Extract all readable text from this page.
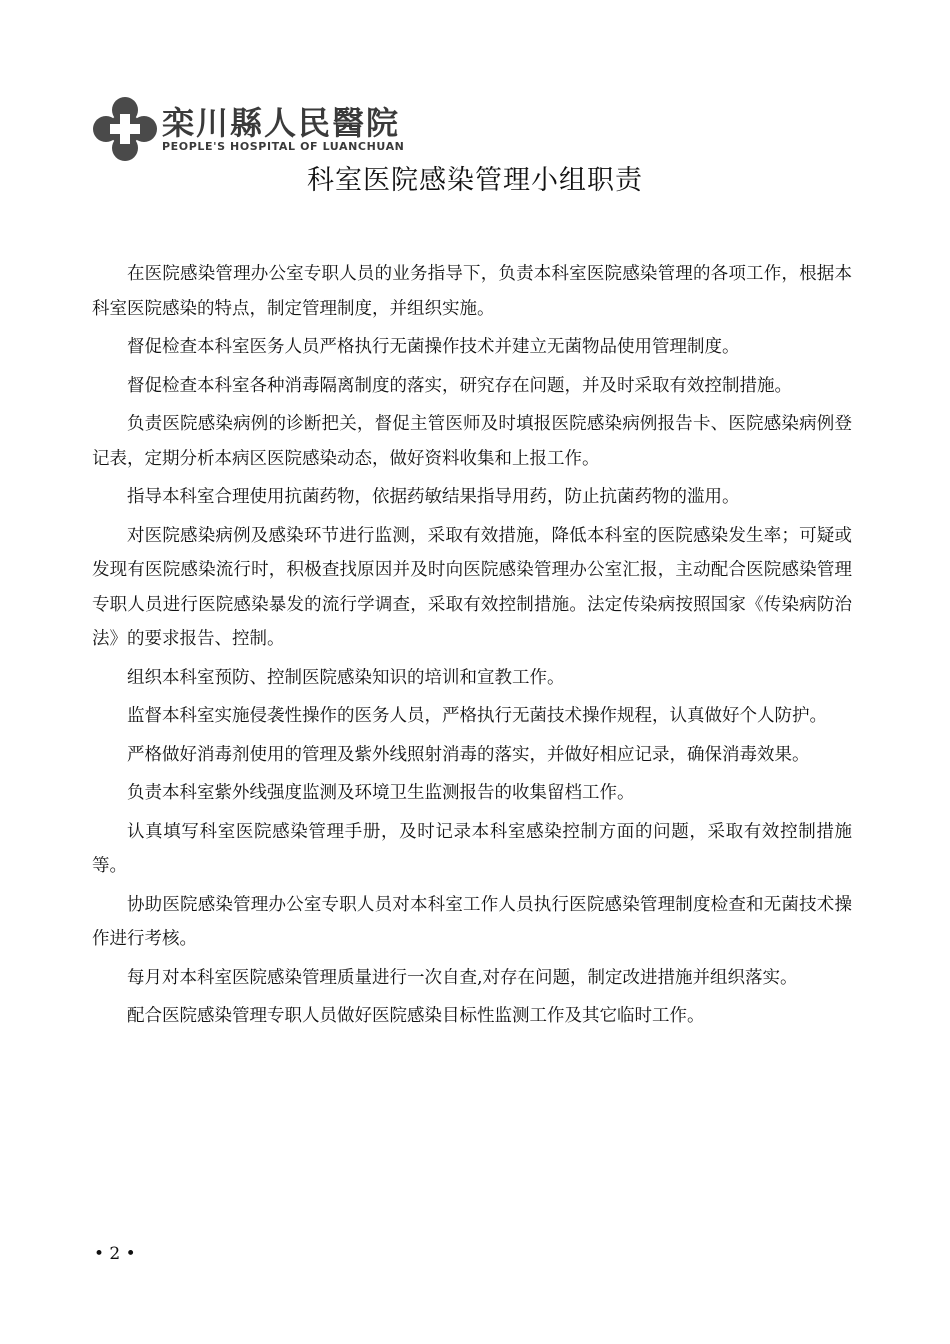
栾川縣人民醫院
PEOPLE'S HOSPITAL OF LUANCHUAN
科室医院感染管理小组职责

在医院感染管理办公室专职人员的业务指导下，负责本科室医院感染管理的各项工作，根据本科室医院感染的特点，制定管理制度，并组织实施。

督促检查本科室医务人员严格执行无菌操作技术并建立无菌物品使用管理制度。

督促检查本科室各种消毒隔离制度的落实，研究存在问题，并及时采取有效控制措施。

负责医院感染病例的诊断把关，督促主管医师及时填报医院感染病例报告卡、医院感染病例登记表，定期分析本病区医院感染动态，做好资料收集和上报工作。

指导本科室合理使用抗菌药物，依据药敏结果指导用药，防止抗菌药物的滥用。

对医院感染病例及感染环节进行监测，采取有效措施，降低本科室的医院感染发生率；可疑或发现有医院感染流行时，积极查找原因并及时向医院感染管理办公室汇报，主动配合医院感染管理专职人员进行医院感染暴发的流行学调查，采取有效控制措施。法定传染病按照国家《传染病防治法》的要求报告、控制。

组织本科室预防、控制医院感染知识的培训和宣教工作。

监督本科室实施侵袭性操作的医务人员，严格执行无菌技术操作规程，认真做好个人防护。

严格做好消毒剂使用的管理及紫外线照射消毒的落实，并做好相应记录，确保消毒效果。

负责本科室紫外线强度监测及环境卫生监测报告的收集留档工作。

认真填写科室医院感染管理手册，及时记录本科室感染控制方面的问题，采取有效控制措施等。

协助医院感染管理办公室专职人员对本科室工作人员执行医院感染管理制度检查和无菌技术操作进行考核。

每月对本科室医院感染管理质量进行一次自查,对存在问题，制定改进措施并组织落实。

配合医院感染管理专职人员做好医院感染目标性监测工作及其它临时工作。

• 2 •
